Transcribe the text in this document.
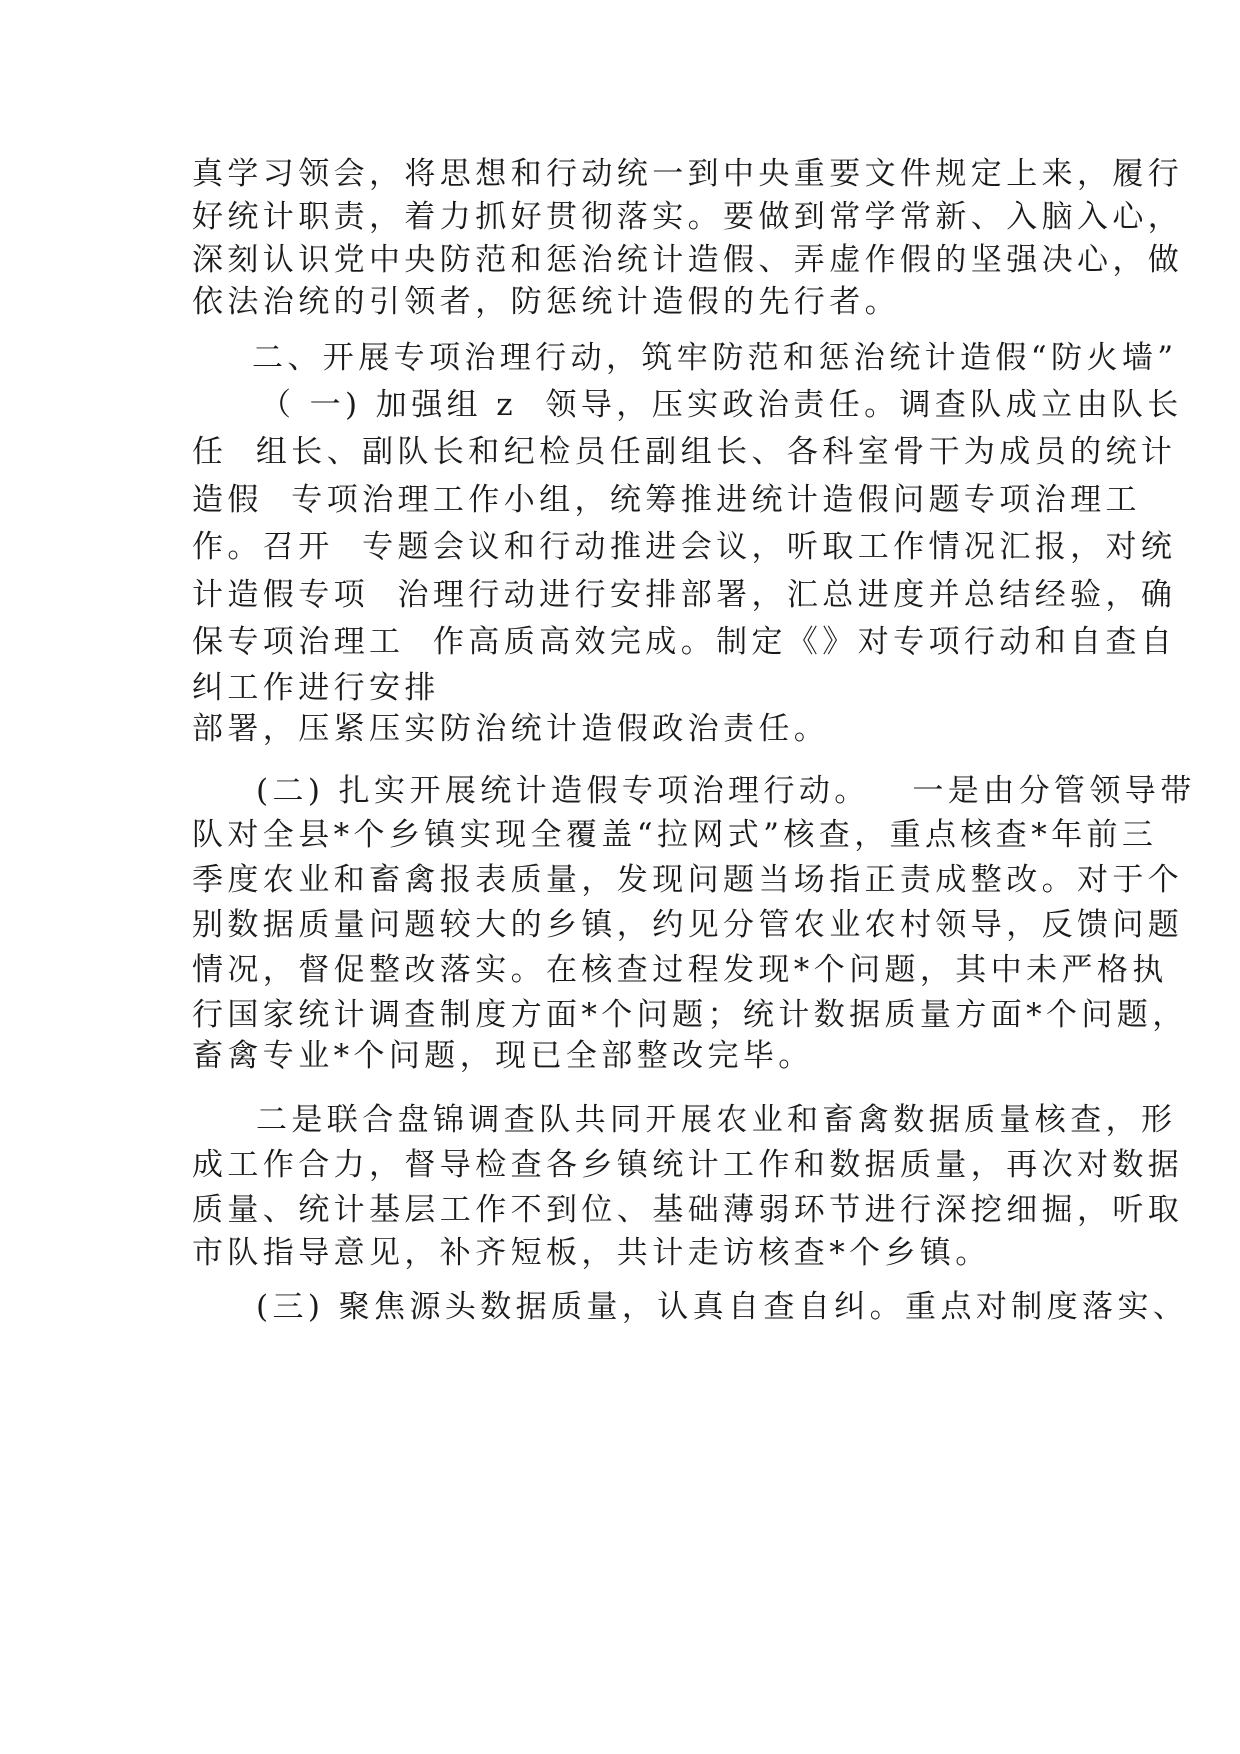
真学习领会，将思想和行动统一到中央重要文件规定上来，履行
好统计职责，着力抓好贯彻落实。要做到常学常新、入脑入心，
深刻认识党中央防范和惩治统计造假、弄虚作假的坚强决心，做
依法治统的引领者，防惩统计造假的先行者。
二、开展专项治理行动，筑牢防范和惩治统计造假“防火墙”
（ 一) 加强组 z  领导，压实政治责任。调查队成立由队长
任  组长、副队长和纪检员任副组长、各科室骨干为成员的统计
造假  专项治理工作小组，统筹推进统计造假问题专项治理工
作。召开  专题会议和行动推进会议，听取工作情况汇报，对统
计造假专项  治理行动进行安排部署，汇总进度并总结经验，确
保专项治理工  作高质高效完成。制定《》对专项行动和自查自
纠工作进行安排
部署，压紧压实防治统计造假政治责任。
(二) 扎实开展统计造假专项治理行动。   一是由分管领导带
队对全县*个乡镇实现全覆盖“拉网式”核查，重点核查*年前三
季度农业和畜禽报表质量，发现问题当场指正责成整改。对于个
别数据质量问题较大的乡镇，约见分管农业农村领导，反馈问题
情况，督促整改落实。在核查过程发现*个问题，其中未严格执
行国家统计调查制度方面*个问题；统计数据质量方面*个问题，
畜禽专业*个问题，现已全部整改完毕。
二是联合盘锦调查队共同开展农业和畜禽数据质量核查，形
成工作合力，督导检查各乡镇统计工作和数据质量，再次对数据
质量、统计基层工作不到位、基础薄弱环节进行深挖细掘，听取
市队指导意见，补齐短板，共计走访核查*个乡镇。
(三) 聚焦源头数据质量，认真自查自纠。重点对制度落实、
